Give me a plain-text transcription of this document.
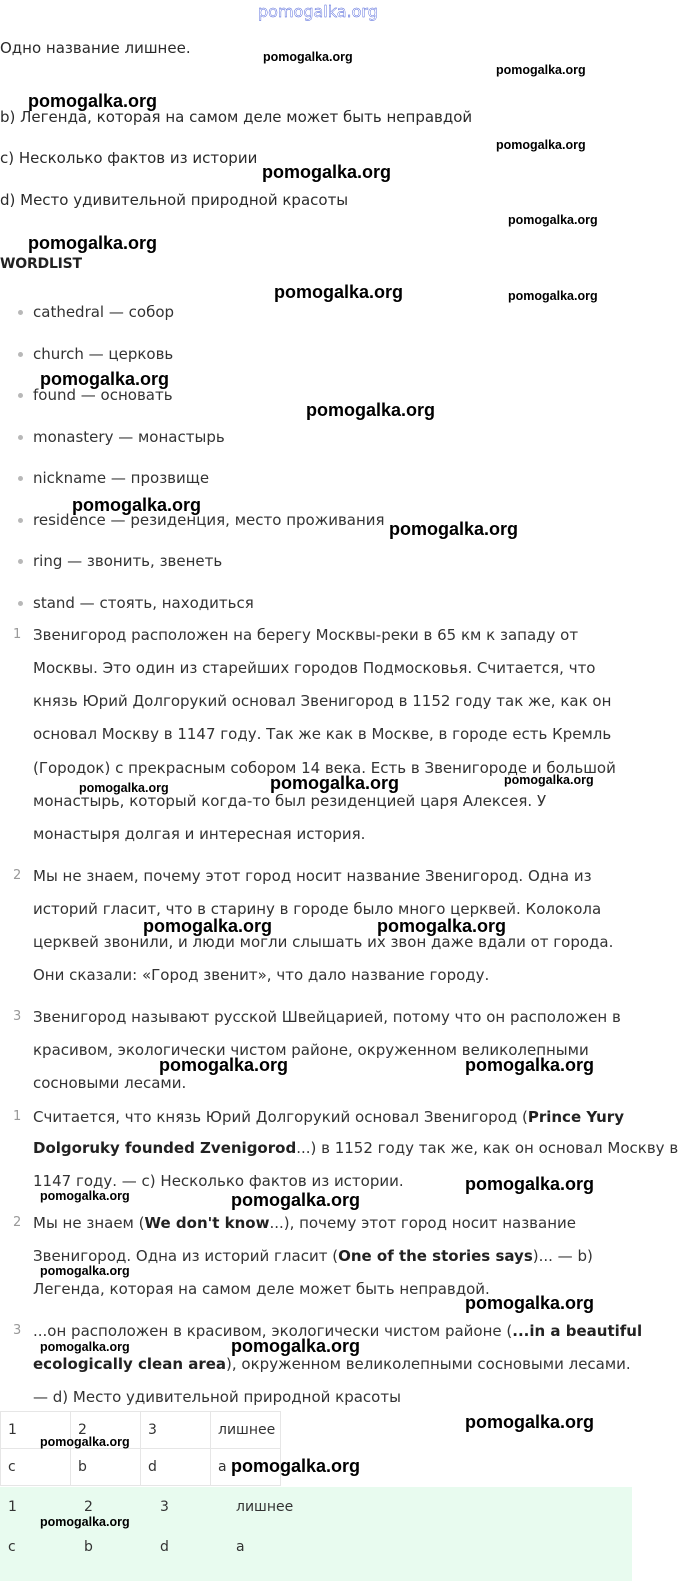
pomogalka.org
Одно название лишнее.
b) Легенда, которая на самом деле может быть неправдой
c) Несколько фактов из истории
d) Место удивительной природной красоты
WORDLIST
cathedral — собор
church — церковь
found — основать
monastery — монастырь
nickname — прозвище
residence — резиденция, место проживания
ring — звонить, звенеть
stand — стоять, находиться
1 Звенигород расположен на берегу Москвы-реки в 65 км к западу от
Москвы. Это один из старейших городов Подмосковья. Считается, что
князь Юрий Долгорукий основал Звенигород в 1152 году так же, как он
основал Москву в 1147 году. Так же как в Москве, в городе есть Кремль
(Городок) с прекрасным собором 14 века. Есть в Звенигороде и большой
монастырь, который когда-то был резиденцией царя Алексея. У
монастыря долгая и интересная история.
2 Мы не знаем, почему этот город носит название Звенигород. Одна из
историй гласит, что в старину в городе было много церквей. Колокола
церквей звонили, и люди могли слышать их звон даже вдали от города.
Они сказали: «Город звенит», что дало название городу.
3 Звенигород называют русской Швейцарией, потому что он расположен в
красивом, экологически чистом районе, окруженном великолепными
сосновыми лесами.
1 Считается, что князь Юрий Долгорукий основал Звенигород (Prince Yury
Dolgoruky founded Zvenigorod...) в 1152 году так же, как он основал Москву в
1147 году. — c) Несколько фактов из истории.
2 Мы не знаем (We don't know...), почему этот город носит название
Звенигород. Одна из историй гласит (One of the stories says)... — b)
Легенда, которая на самом деле может быть неправдой.
3 ...он расположен в красивом, экологически чистом районе (...in a beautiful
ecologically clean area), окруженном великолепными сосновыми лесами.
— d) Место удивительной природной красоты
1	2	3	лишнее
c	b	d	a
1	2	3	лишнее
c	b	d	a
pomogalka.org
pomogalka.org
pomogalka.org
pomogalka.org
pomogalka.org
pomogalka.org
pomogalka.org
pomogalka.org	pomogalka.org
pomogalka.org
pomogalka.org
pomogalka.org
pomogalka.org
pomogalka.org
pomogalka.org
pomogalka.org
pomogalka.org	pomogalka.org
pomogalka.org	pomogalka.org
pomogalka.org
pomogalka.org	pomogalka.org
pomogalka.org
pomogalka.org
pomogalka.org	pomogalka.org
pomogalka.org
pomogalka.org
pomogalka.org
pomogalka.org
